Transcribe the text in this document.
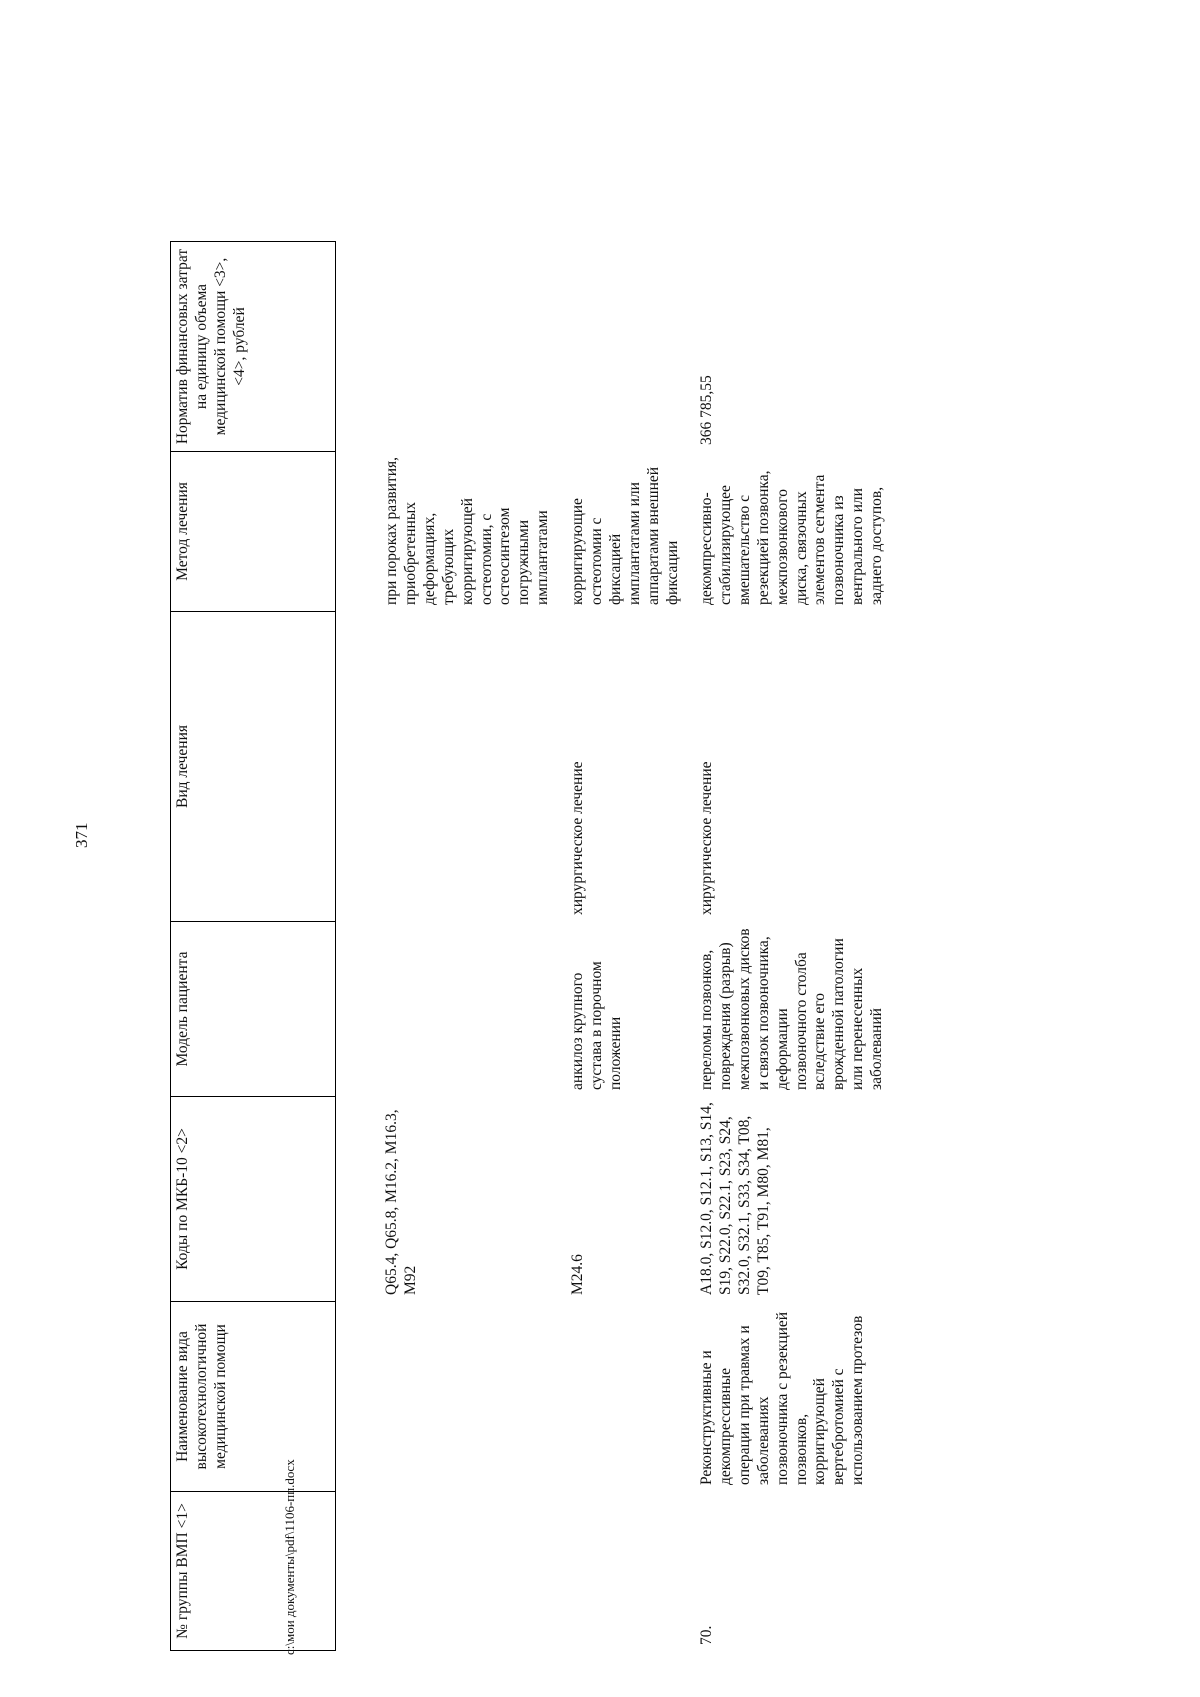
371
№ группы ВМП <1>
Наименование вида высокотехнологичной медицинской помощи
Коды по МКБ-10 <2>
Модель пациента
Вид лечения
Метод лечения
Норматив финансовых затрат на единицу объема медицинской помощи <3>, <4>, рублей
Q65.4, Q65.8, M16.2, M16.3, M92
при пороках развития, приобретенных деформациях, требующих корригирующей остеотомии, с остеосинтезом погружными имплантатами
M24.6
анкилоз крупного сустава в порочном положении
хирургическое лечение
корригирующие остеотомии с фиксацией имплантатами или аппаратами внешней фиксации
70.
Реконструктивные и декомпрессивные операции при травмах и заболеваниях позвоночника с резекцией позвонков, корригирующей вертебротомией с использованием протезов
A18.0, S12.0, S12.1, S13, S14, S19, S22.0, S22.1, S23, S24, S32.0, S32.1, S33, S34, T08, T09, T85, T91, M80, M81,
переломы позвонков, повреждения (разрыв) межпозвонковых дисков и связок позвоночника, деформации позвоночного столба вследствие его врожденной патологии или перенесенных заболеваний
хирургическое лечение
декомпрессивно-стабилизирующее вмешательство с резекцией позвонка, межпозвонкового диска, связочных элементов сегмента позвоночника из вентрального или заднего доступов,
366 785,55
c:\мои документы\pdf\1106-пп.docx
